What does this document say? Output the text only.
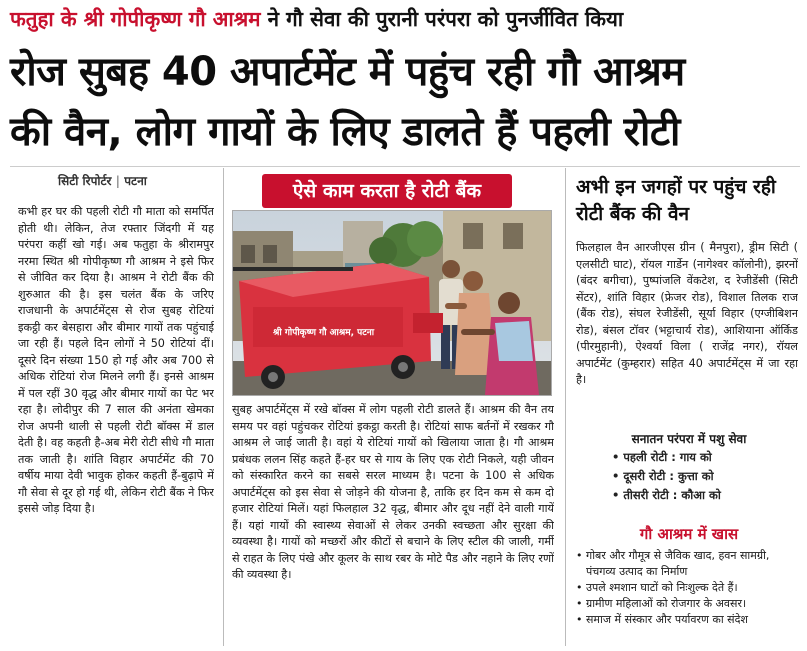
फतुहा के श्री गोपीकृष्ण गौ आश्रम ने गौ सेवा की पुरानी परंपरा को पुनर्जीवित किया
रोज सुबह 40 अपार्टमेंट में पहुंच रही गौ आश्रम
की वैन, लोग गायों के लिए डालते हैं पहली रोटी
सिटी रिपोर्टर | पटना
कभी हर घर की पहली रोटी गौ माता को समर्पित होती थी। लेकिन, तेज रफ्तार जिंदगी में यह परंपरा कहीं खो गई। अब फतुहा के श्रीरामपुर नरमा स्थित श्री गोपीकृष्ण गौ आश्रम ने इसे फिर से जीवित कर दिया है। आश्रम ने रोटी बैंक की शुरुआत की है। इस चलंत बैंक के जरिए राजधानी के अपार्टमेंट्स से रोज सुबह रोटियां इकट्ठी कर बेसहारा और बीमार गायों तक पहुंचाई जा रही हैं। पहले दिन लोगों ने 50 रोटियां दीं। दूसरे दिन संख्या 150 हो गई और अब 700 से अधिक रोटियां रोज मिलने लगी हैं। इनसे आश्रम में पल रहीं 30 वृद्ध और बीमार गायों का पेट भर रहा है। लोदीपुर की 7 साल की अनंता खेमका रोज अपनी थाली से पहली रोटी बॉक्स में डाल देती है। वह कहती है-अब मेरी रोटी सीधे गौ माता तक जाती है। शांति विहार अपार्टमेंट की 70 वर्षीय माया देवी भावुक होकर कहती हैं-बुढ़ापे में गौ सेवा से दूर हो गई थी, लेकिन रोटी बैंक ने फिर इससे जोड़ दिया है।
ऐसे काम करता है रोटी बैंक
श्री गोपीकृष्ण गौ आश्रम, पटना
सुबह अपार्टमेंट्स में रखे बॉक्स में लोग पहली रोटी डालते हैं। आश्रम की वैन तय समय पर वहां पहुंचकर रोटियां इकट्ठा करती है। रोटियां साफ बर्तनों में रखकर गौ आश्रम ले जाई जाती है। वहां ये रोटियां गायों को खिलाया जाता है। गौ आश्रम प्रबंधक ललन सिंह कहते हैं-हर घर से गाय के लिए एक रोटी निकले, यही जीवन को संस्कारित करने का सबसे सरल माध्यम है। पटना के 100 से अधिक अपार्टमेंट्स को इस सेवा से जोड़ने की योजना है, ताकि हर दिन कम से कम दो हजार रोटियां मिलें। यहां फिलहाल 32 वृद्ध, बीमार और दूध नहीं देने वाली गायें हैं। यहां गायों की स्वास्थ्य सेवाओं से लेकर उनकी स्वच्छता और सुरक्षा की व्यवस्था है। गायों को मच्छरों और कीटों से बचाने के लिए स्टील की जाली, गर्मी से राहत के लिए पंखे और कूलर के साथ रबर के मोटे पैड और नहाने के लिए रणों की व्यवस्था है।
अभी इन जगहों पर पहुंच रही रोटी बैंक की वैन
फिलहाल वैन आरजीएस ग्रीन ( मैनपुरा), ड्रीम सिटी ( एलसीटी घाट), रॉयल गार्डेन (नागेश्वर कॉलोनी), झरनों (बंदर बगीचा), पुष्पांजलि वेंकटेश, द रेजीडेंसी (सिटी सेंटर), शांति विहार (फ्रेजर रोड), विशाल तिलक राज (बैंक रोड), संघल रेजीडेंसी, सूर्या विहार (एग्जीबिशन रोड), बंसल टॉवर (भट्टाचार्य रोड), आशियाना ऑर्किड (पीरमुहानी), ऐश्वर्या विला ( राजेंद्र नगर), रॉयल अपार्टमेंट (कुम्हरार) सहित 40 अपार्टमेंट्स में जा रहा है।
सनातन परंपरा में पशु सेवा
• पहली रोटी : गाय को
• दूसरी रोटी : कुत्ता को
• तीसरी रोटी : कौआ को
गौ आश्रम में खास
• गोबर और गौमूत्र से जैविक खाद, हवन सामग्री, पंचगव्य उत्पाद का निर्माण
• उपले श्मशान घाटों को निःशुल्क देते हैं।
• ग्रामीण महिलाओं को रोजगार के अवसर।
• समाज में संस्कार और पर्यावरण का संदेश
